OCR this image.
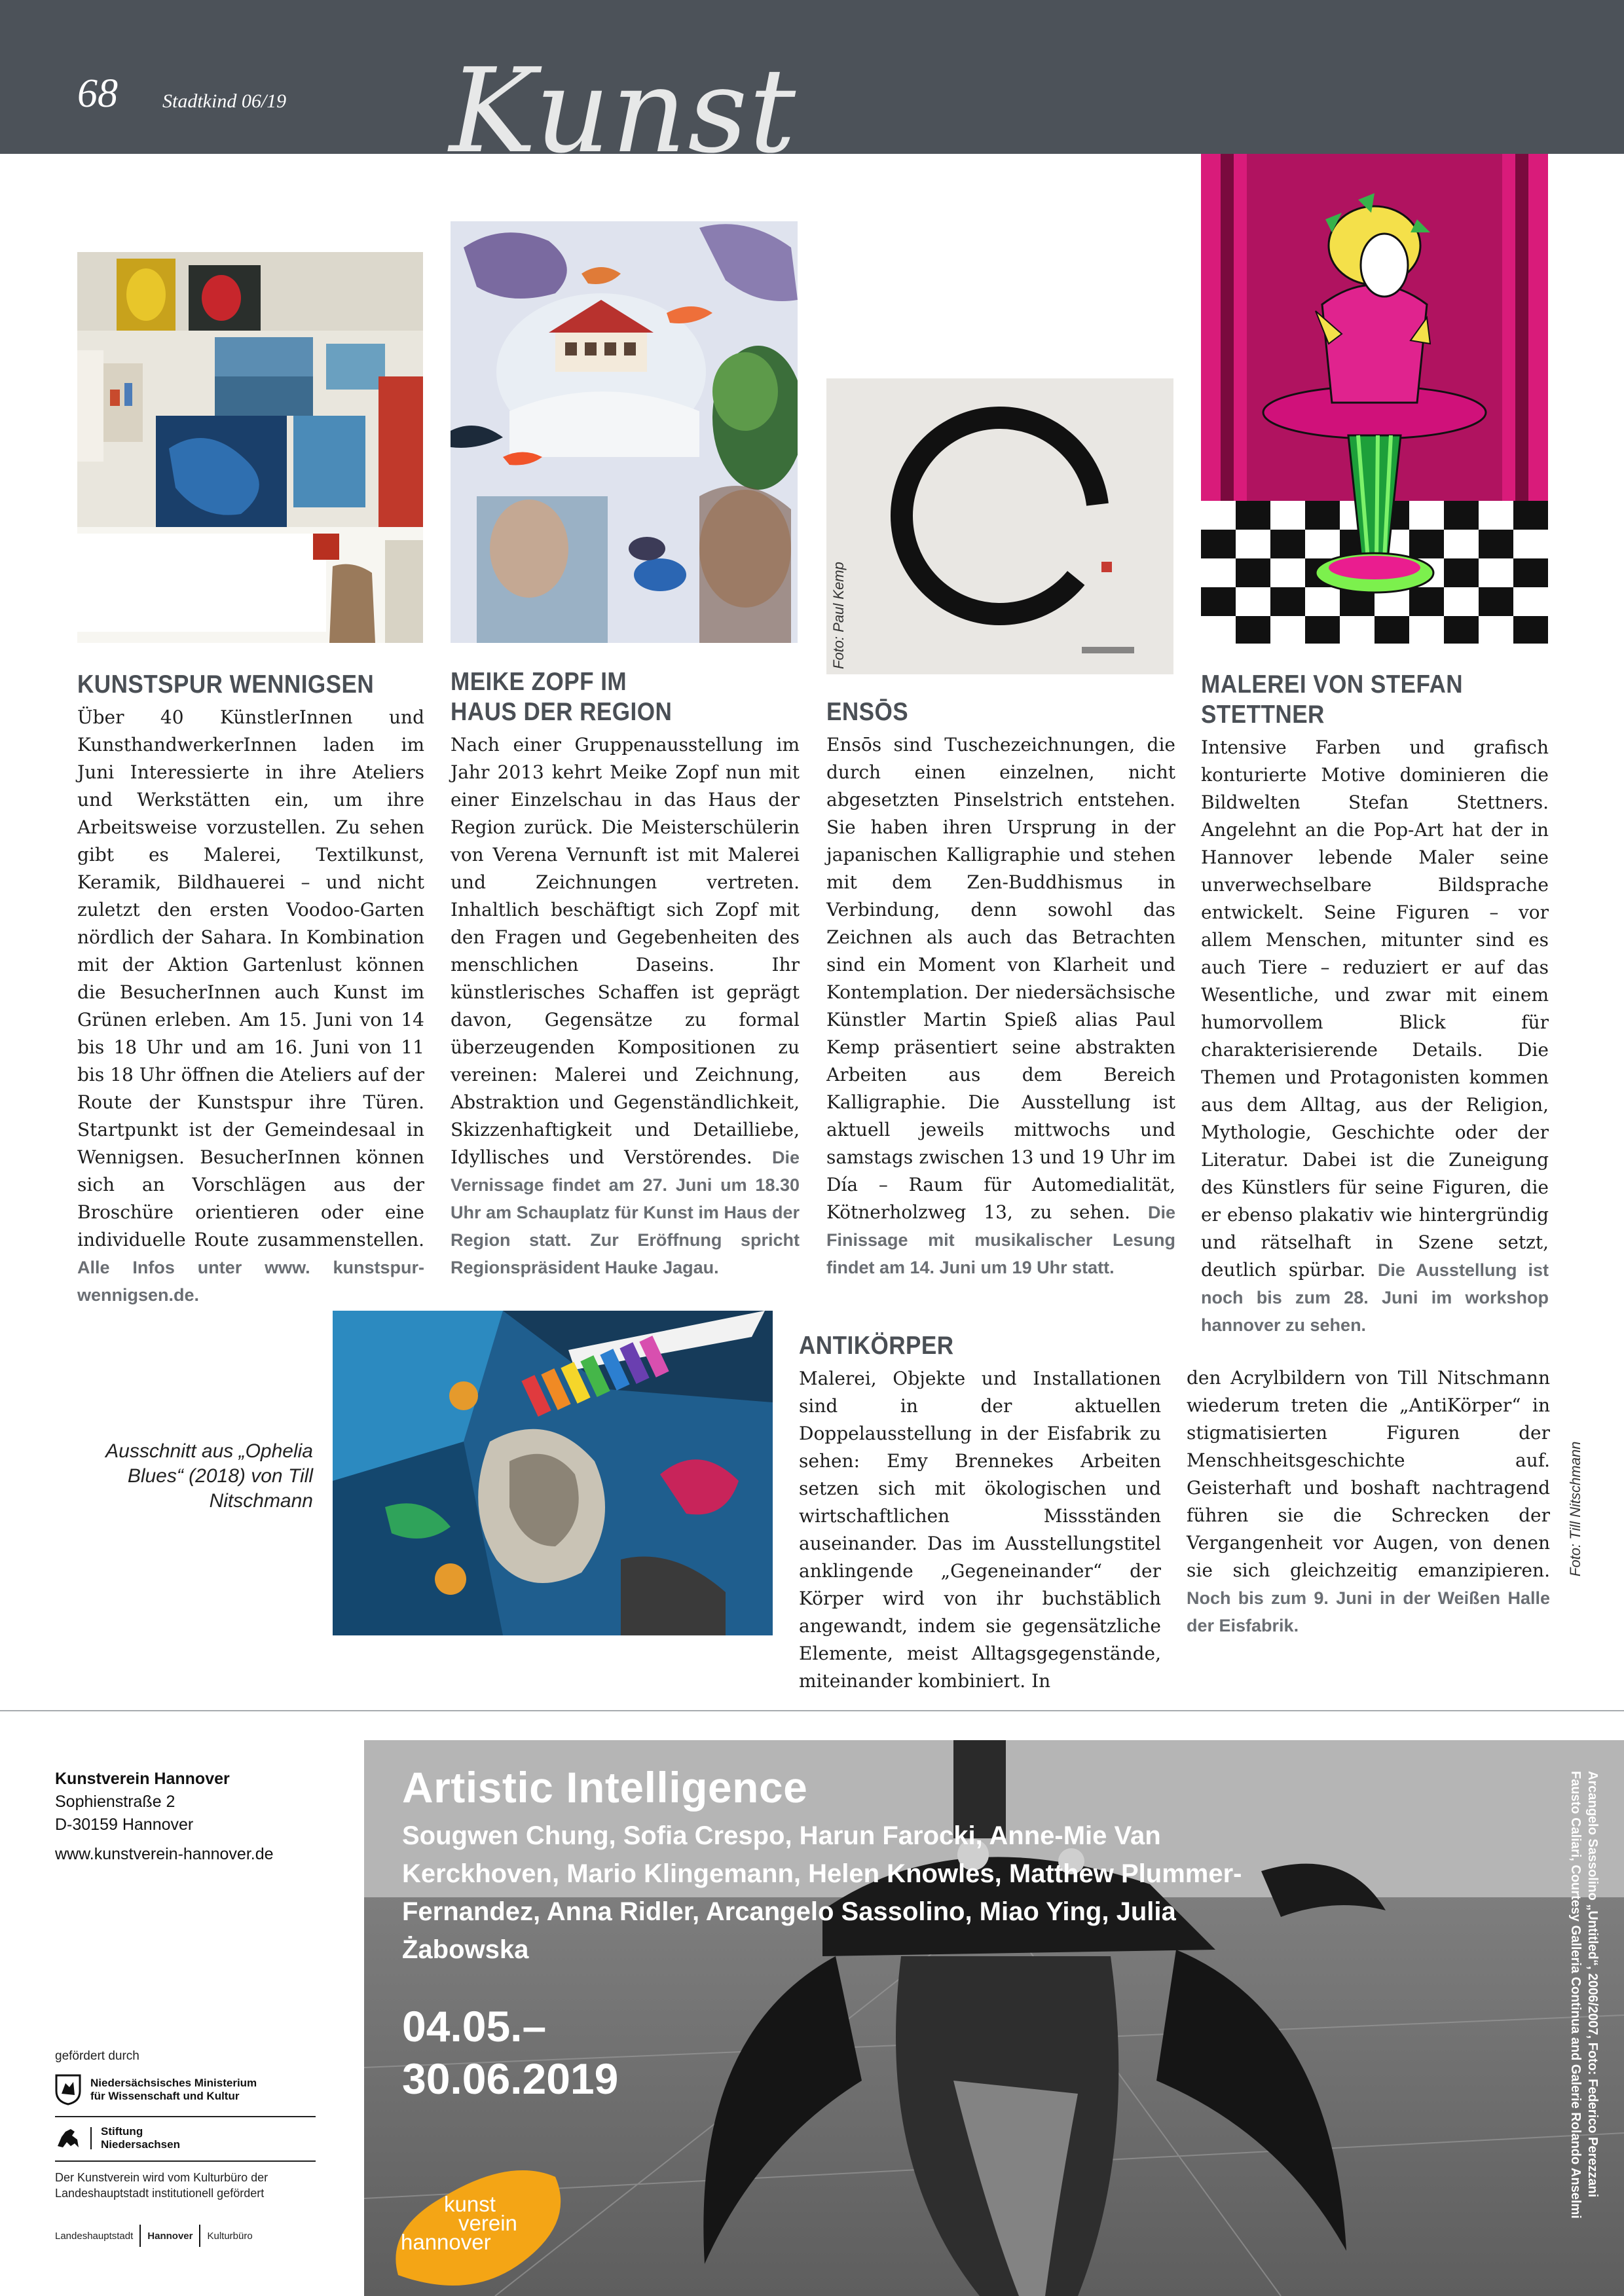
68 Stadtkind 06/19 Kunst
Foto: Paul Kemp
KUNSTSPUR WENNIGSEN

Über 40 KünstlerInnen und KunsthandwerkerInnen laden im Juni Interessierte in ihre Ateliers und Werkstätten ein, um ihre Arbeitsweise vorzustellen. Zu sehen gibt es Malerei, Textilkunst, Keramik, Bildhauerei – und nicht zuletzt den ersten Voodoo-Garten nördlich der Sahara. In Kombination mit der Aktion Gartenlust können die BesucherInnen auch Kunst im Grünen erleben. Am 15. Juni von 14 bis 18 Uhr und am 16. Juni von 11 bis 18 Uhr öffnen die Ateliers auf der Route der Kunstspur ihre Türen. Startpunkt ist der Gemeindesaal in Wennigsen. BesucherInnen können sich an Vorschlägen aus der Broschüre orientieren oder eine individuelle Route zusammenstellen. Alle Infos unter www. kunstspur-wennigsen.de.

MEIKE ZOPF IM HAUS DER REGION

Nach einer Gruppenausstellung im Jahr 2013 kehrt Meike Zopf nun mit einer Einzelschau in das Haus der Region zurück. Die Meisterschülerin von Verena Vernunft ist mit Malerei und Zeichnungen vertreten. Inhaltlich beschäftigt sich Zopf mit den Fragen und Gegebenheiten des menschlichen Daseins. Ihr künstlerisches Schaffen ist geprägt davon, Gegensätze zu formal überzeugenden Kompositionen zu vereinen: Malerei und Zeichnung, Abstraktion und Gegenständlichkeit, Skizzenhaftigkeit und Detailliebe, Idyllisches und Verstörendes. Die Vernissage findet am 27. Juni um 18.30 Uhr am Schauplatz für Kunst im Haus der Region statt. Zur Eröffnung spricht Regionspräsident Hauke Jagau.

ENSŌS

Ensōs sind Tuschezeichnungen, die durch einen einzelnen, nicht abgesetzten Pinselstrich entstehen. Sie haben ihren Ursprung in der japanischen Kalligraphie und stehen mit dem Zen-Buddhismus in Verbindung, denn sowohl das Zeichnen als auch das Betrachten sind ein Moment von Klarheit und Kontemplation. Der niedersächsische Künstler Martin Spieß alias Paul Kemp präsentiert seine abstrakten Arbeiten aus dem Bereich Kalligraphie. Die Ausstellung ist aktuell jeweils mittwochs und samstags zwischen 13 und 19 Uhr im Día – Raum für Automedialität, Kötnerholzweg 13, zu sehen. Die Finissage mit musikalischer Lesung findet am 14. Juni um 19 Uhr statt.

MALEREI VON STEFAN STETTNER

Intensive Farben und grafisch konturierte Motive dominieren die Bildwelten Stefan Stettners. Angelehnt an die Pop-Art hat der in Hannover lebende Maler seine unverwechselbare Bildsprache entwickelt. Seine Figuren – vor allem Menschen, mitunter sind es auch Tiere – reduziert er auf das Wesentliche, und zwar mit einem humorvollem Blick für charakterisierende Details. Die Themen und Protagonisten kommen aus dem Alltag, aus der Religion, Mythologie, Geschichte oder der Literatur. Dabei ist die Zuneigung des Künstlers für seine Figuren, die er ebenso plakativ wie hintergründig und rätselhaft in Szene setzt, deutlich spürbar. Die Ausstellung ist noch bis zum 28. Juni im workshop hannover zu sehen.

Ausschnitt aus „Ophelia Blues“ (2018) von Till Nitschmann
ANTIKÖRPER

Malerei, Objekte und Installationen sind in der aktuellen Doppelausstellung in der Eisfabrik zu sehen: Emy Brennekes Arbeiten setzen sich mit ökologischen und wirtschaftlichen Missständen auseinander. Das im Ausstellungstitel anklingende „Gegeneinander“ der Körper wird von ihr buchstäblich angewandt, indem sie gegensätzliche Elemente, meist Alltagsgegenstände, miteinander kombiniert. In

den Acrylbildern von Till Nitschmann wiederum treten die „AntiKörper“ in stigmatisierten Figuren der Menschheitsgeschichte auf. Geisterhaft und boshaft nachtragend führen sie die Schrecken der Vergangenheit vor Augen, von denen sie sich gleichzeitig emanzipieren. Noch bis zum 9. Juni in der Weißen Halle der Eisfabrik.

Foto: Till Nitschmann
Kunstverein Hannover
Sophienstraße 2
D-30159 Hannover
www.kunstverein-hannover.de
gefördert durch
Niedersächsisches Ministerium
für Wissenschaft und Kultur
Stiftung
Niedersachsen
Der Kunstverein wird vom Kulturbüro der Landeshauptstadt institutionell gefördert
Landeshauptstadt Hannover Kulturbüro
Artistic Intelligence
Sougwen Chung, Sofia Crespo, Harun Farocki, Anne-Mie Van Kerckhoven, Mario Klingemann, Helen Knowles, Matthew Plummer-Fernandez, Anna Ridler, Arcangelo Sassolino, Miao Ying, Julia Żabowska
04.05.–
30.06.2019	Arcangelo Sassolino „Untitled“, 2006/2007, Foto: Federico Perezzani
Fausto Caliari, Courtesy Galleria Continua and Galerie Rolando Anselmi
kunst
verein
hannover
